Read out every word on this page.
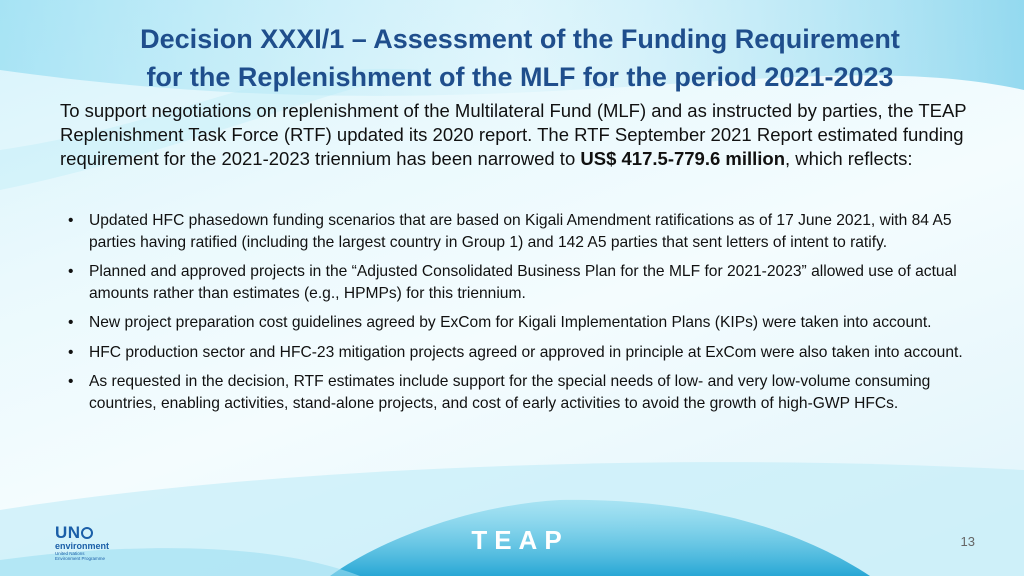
Decision XXXI/1 – Assessment of the Funding Requirement
for the Replenishment of the MLF for the period 2021-2023

To support negotiations on replenishment of the Multilateral Fund (MLF) and as instructed by parties, the TEAP Replenishment Task Force (RTF) updated its 2020 report. The RTF September 2021 Report estimated funding requirement for the 2021-2023 triennium has been narrowed to US$ 417.5-779.6 million, which reflects:

• Updated HFC phasedown funding scenarios that are based on Kigali Amendment ratifications as of 17 June 2021, with 84 A5 parties having ratified (including the largest country in Group 1) and 142 A5 parties that sent letters of intent to ratify.
• Planned and approved projects in the “Adjusted Consolidated Business Plan for the MLF for 2021-2023” allowed use of actual amounts rather than estimates (e.g., HPMPs) for this triennium.
• New project preparation cost guidelines agreed by ExCom for Kigali Implementation Plans (KIPs) were taken into account.
• HFC production sector and HFC-23 mitigation projects agreed or approved in principle at ExCom were also taken into account.
• As requested in the decision, RTF estimates include support for the special needs of low- and very low-volume consuming countries, enabling activities, stand-alone projects, and cost of early activities to avoid the growth of high-GWP HFCs.
UN
environment
United Nations
Environment Programme
TEAP	13
